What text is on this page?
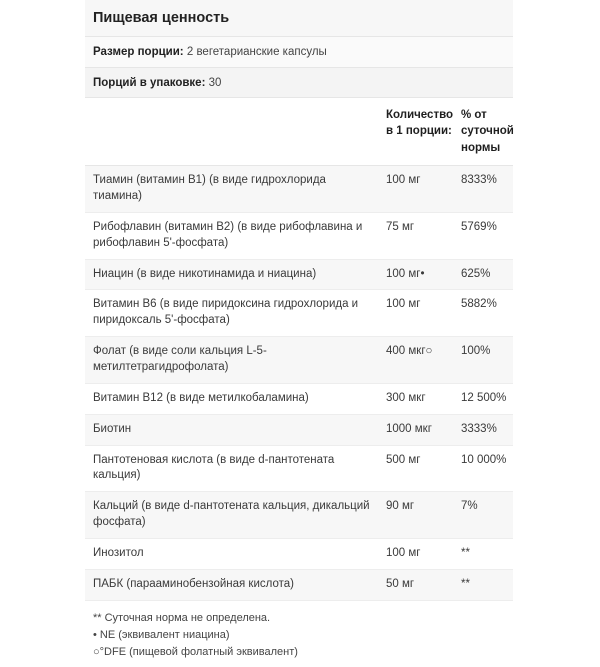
Пищевая ценность
Размер порции: 2 вегетарианские капсулы
Порций в упаковке: 30
	Количество
в 1 порции:	% от
суточной
нормы
Тиамин (витамин B1) (в виде гидрохлорида тиамина)	100 мг	8333%
Рибофлавин (витамин B2) (в виде рибофлавина и рибофлавин 5'-фосфата)	75 мг	5769%
Ниацин (в виде никотинамида и ниацина)	100 мг•	625%
Витамин B6 (в виде пиридоксина гидрохлорида и пиридоксаль 5'-фосфата)	100 мг	5882%
Фолат (в виде соли кальция L-5-метилтетрагидрофолата)	400 мкг○	100%
Витамин B12 (в виде метилкобаламина)	300 мкг	12 500%
Биотин	1000 мкг	3333%
Пантотеновая кислота (в виде d-пантотената кальция)	500 мг	10 000%
Кальций (в виде d-пантотената кальция, дикальций фосфата)	90 мг	7%
Инозитол	100 мг	**
ПАБК (парааминобензойная кислота)	50 мг	**
** Суточная норма не определена.
• NE (эквивалент ниацина)
○°DFE (пищевой фолатный эквивалент)
